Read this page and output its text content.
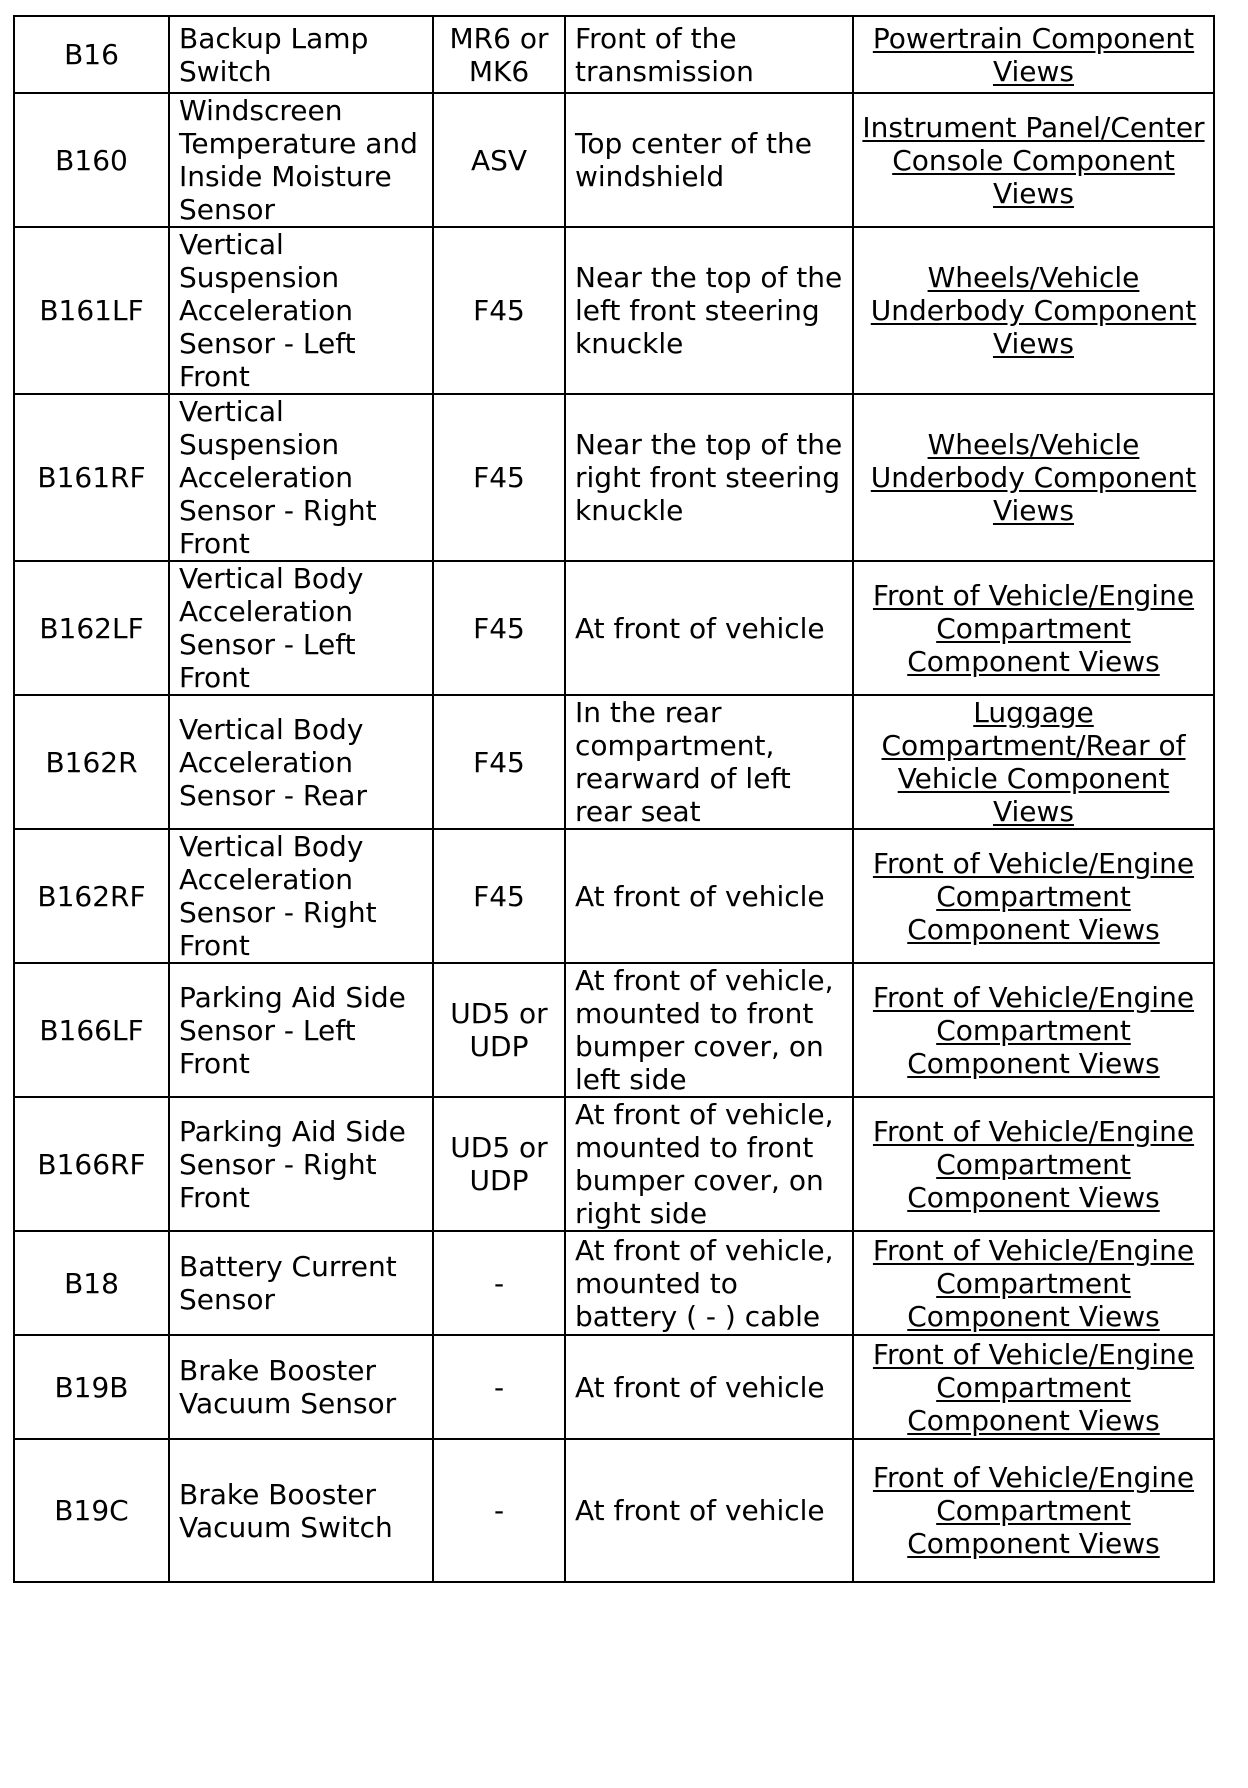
B16	Backup Lamp Switch	MR6 or MK6	Front of the transmission	Powertrain Component Views
B160	Windscreen Temperature and Inside Moisture Sensor	ASV	Top center of the windshield	Instrument Panel/Center Console Component Views
B161LF	Vertical Suspension Acceleration Sensor - Left Front	F45	Near the top of the left front steering knuckle	Wheels/Vehicle Underbody Component Views
B161RF	Vertical Suspension Acceleration Sensor - Right Front	F45	Near the top of the right front steering knuckle	Wheels/Vehicle Underbody Component Views
B162LF	Vertical Body Acceleration Sensor - Left Front	F45	At front of vehicle	Front of Vehicle/Engine Compartment Component Views
B162R	Vertical Body Acceleration Sensor - Rear	F45	In the rear compartment, rearward of left rear seat	Luggage Compartment/Rear of Vehicle Component Views
B162RF	Vertical Body Acceleration Sensor - Right Front	F45	At front of vehicle	Front of Vehicle/Engine Compartment Component Views
B166LF	Parking Aid Side Sensor - Left Front	UD5 or UDP	At front of vehicle, mounted to front bumper cover, on left side	Front of Vehicle/Engine Compartment Component Views
B166RF	Parking Aid Side Sensor - Right Front	UD5 or UDP	At front of vehicle, mounted to front bumper cover, on right side	Front of Vehicle/Engine Compartment Component Views
B18	Battery Current Sensor	-	At front of vehicle, mounted to battery ( - ) cable	Front of Vehicle/Engine Compartment Component Views
B19B	Brake Booster Vacuum Sensor	-	At front of vehicle	Front of Vehicle/Engine Compartment Component Views
B19C	Brake Booster Vacuum Switch	-	At front of vehicle	Front of Vehicle/Engine Compartment Component Views
